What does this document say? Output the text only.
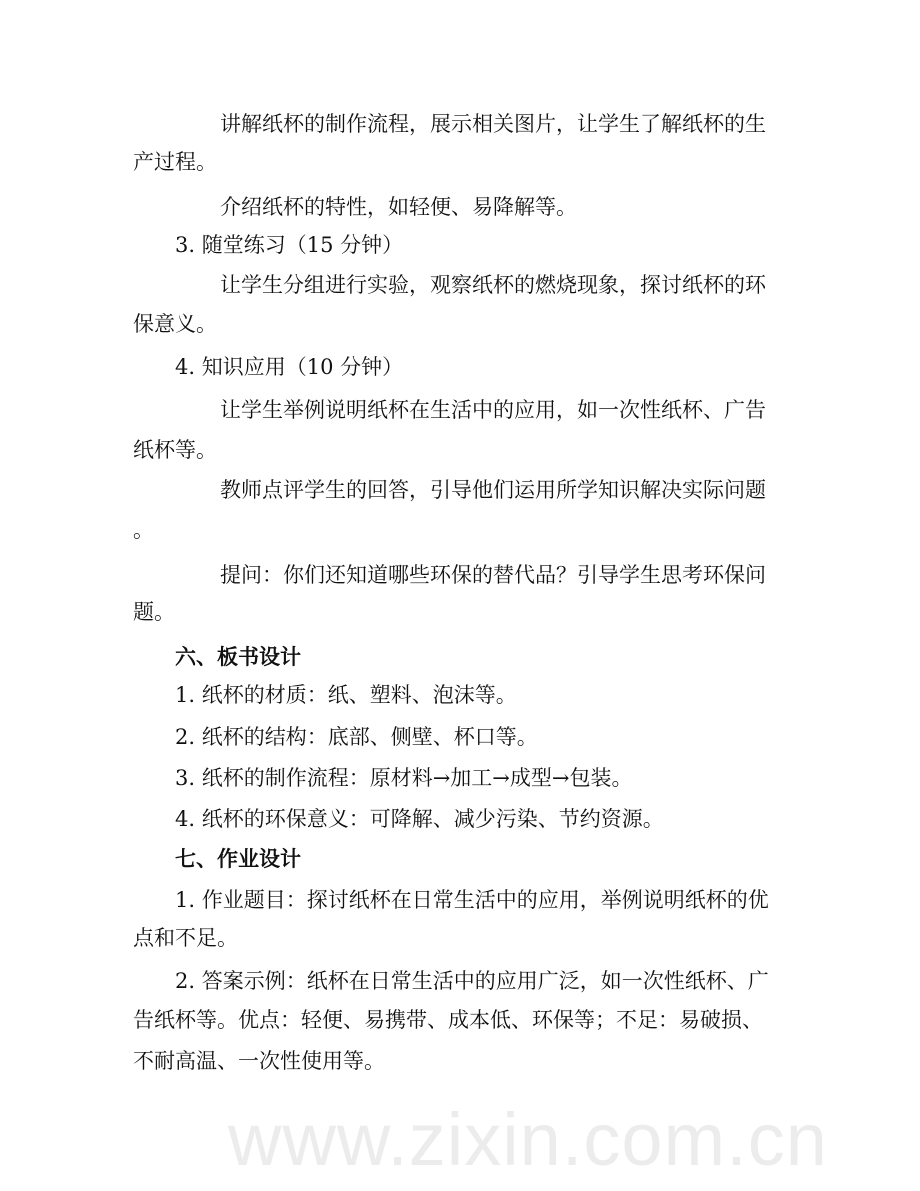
讲解纸杯的制作流程，展示相关图片，让学生了解纸杯的生
产过程。
介绍纸杯的特性，如轻便、易降解等。
3. 随堂练习（15 分钟）
让学生分组进行实验，观察纸杯的燃烧现象，探讨纸杯的环
保意义。
4. 知识应用（10 分钟）
让学生举例说明纸杯在生活中的应用，如一次性纸杯、广告
纸杯等。
教师点评学生的回答，引导他们运用所学知识解决实际问题
。
提问：你们还知道哪些环保的替代品？引导学生思考环保问
题。
六、板书设计
1. 纸杯的材质：纸、塑料、泡沫等。
2. 纸杯的结构：底部、侧壁、杯口等。
3. 纸杯的制作流程：原材料→加工→成型→包装。
4. 纸杯的环保意义：可降解、减少污染、节约资源。
七、作业设计
1. 作业题目：探讨纸杯在日常生活中的应用，举例说明纸杯的优
点和不足。
2. 答案示例：纸杯在日常生活中的应用广泛，如一次性纸杯、广
告纸杯等。优点：轻便、易携带、成本低、环保等；不足：易破损、
不耐高温、一次性使用等。
www.zixin.com.cn
